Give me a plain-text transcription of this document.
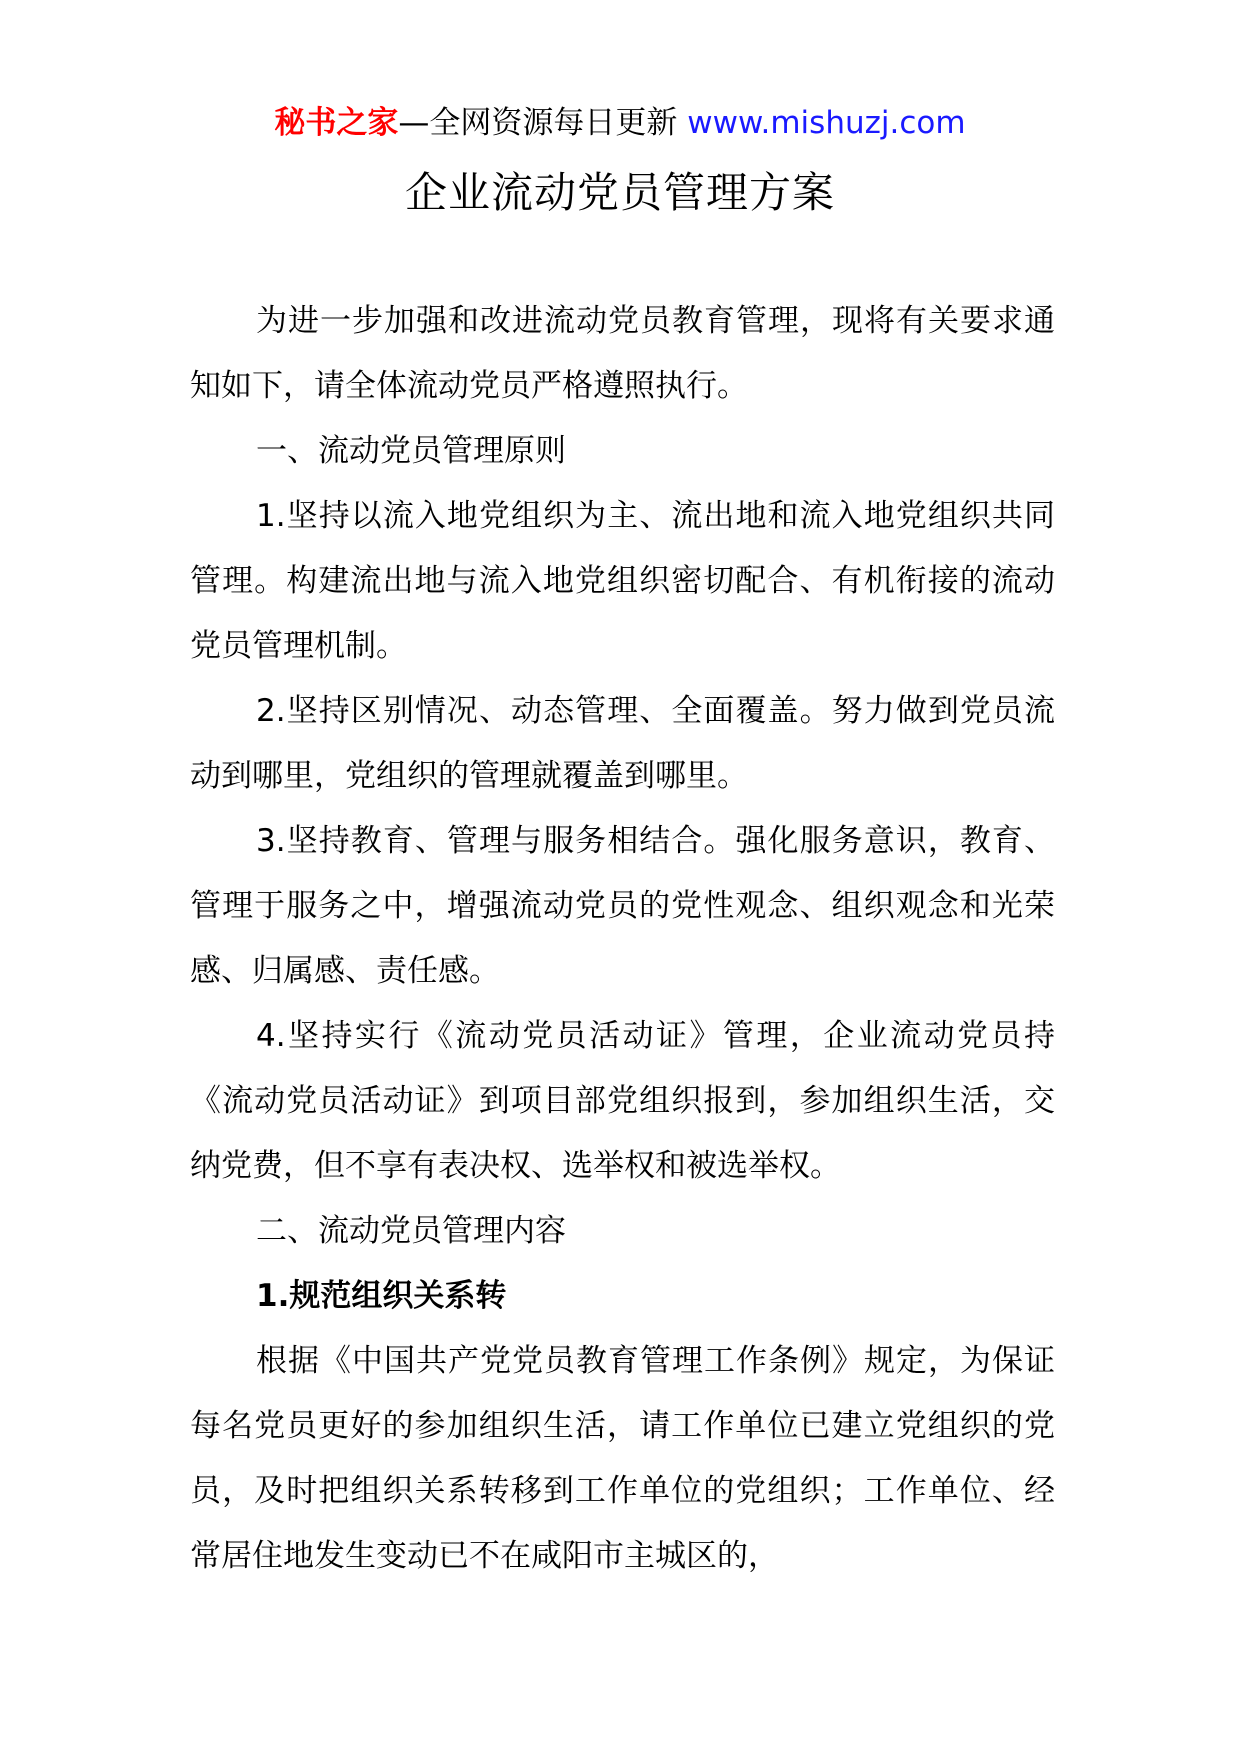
秘书之家—全网资源每日更新 www.mishuzj.com
企业流动党员管理方案

为进一步加强和改进流动党员教育管理，现将有关要求通知如下，请全体流动党员严格遵照执行。

一、流动党员管理原则

1.坚持以流入地党组织为主、流出地和流入地党组织共同管理。构建流出地与流入地党组织密切配合、有机衔接的流动党员管理机制。

2.坚持区别情况、动态管理、全面覆盖。努力做到党员流动到哪里，党组织的管理就覆盖到哪里。

3.坚持教育、管理与服务相结合。强化服务意识，教育、管理于服务之中，增强流动党员的党性观念、组织观念和光荣感、归属感、责任感。

4.坚持实行《流动党员活动证》管理，企业流动党员持《流动党员活动证》到项目部党组织报到，参加组织生活，交纳党费，但不享有表决权、选举权和被选举权。

二、流动党员管理内容

1.规范组织关系转

根据《中国共产党党员教育管理工作条例》规定，为保证每名党员更好的参加组织生活，请工作单位已建立党组织的党员，及时把组织关系转移到工作单位的党组织；工作单位、经常居住地发生变动已不在咸阳市主城区的，
